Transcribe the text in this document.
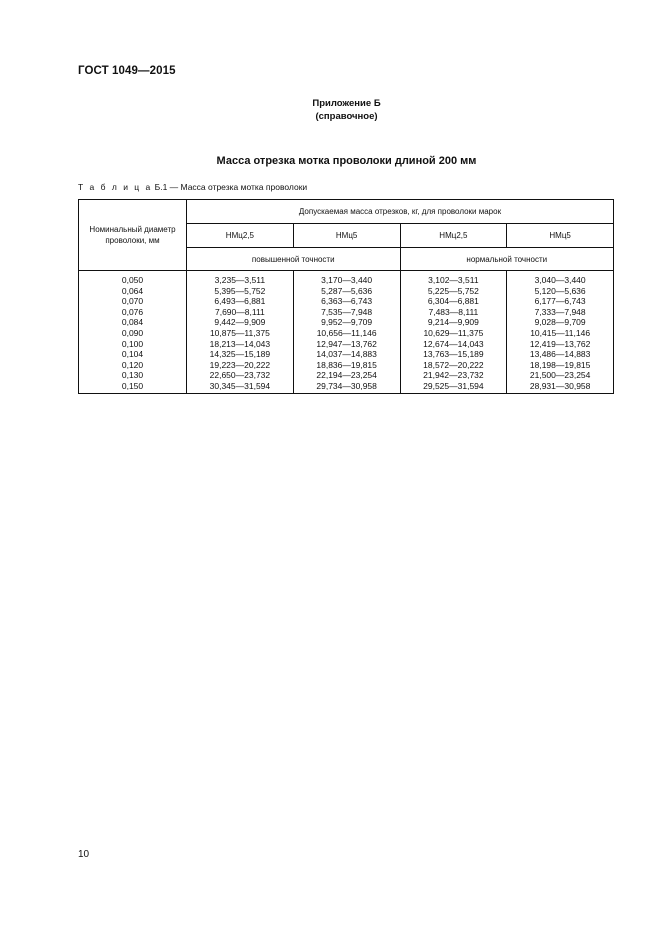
ГОСТ 1049—2015
Приложение Б
(справочное)
Масса отрезка мотка проволоки длиной 200 мм
Т а б л и ц а Б.1 — Масса отрезка мотка проволоки
Номинальный диаметр проволоки, мм	Допускаемая масса отрезков, кг, для проволоки марок			
	НМц2,5	НМц5	НМц2,5	НМц5
	повышенной точности		нормальной точности	
0,050	3,235—3,511	3,170—3,440	3,102—3,511	3,040—3,440
0,064	5,395—5,752	5,287—5,636	5,225—5,752	5,120—5,636
0,070	6,493—6,881	6,363—6,743	6,304—6,881	6,177—6,743
0,076	7,690—8,111	7,535—7,948	7,483—8,111	7,333—7,948
0,084	9,442—9,909	9,952—9,709	9,214—9,909	9,028—9,709
0,090	10,875—11,375	10,656—11,146	10,629—11,375	10,415—11,146
0,100	18,213—14,043	12,947—13,762	12,674—14,043	12,419—13,762
0,104	14,325—15,189	14,037—14,883	13,763—15,189	13,486—14,883
0,120	19,223—20,222	18,836—19,815	18,572—20,222	18,198—19,815
0,130	22,650—23,732	22,194—23,254	21,942—23,732	21,500—23,254
0,150	30,345—31,594	29,734—30,958	29,525—31,594	28,931—30,958
10
